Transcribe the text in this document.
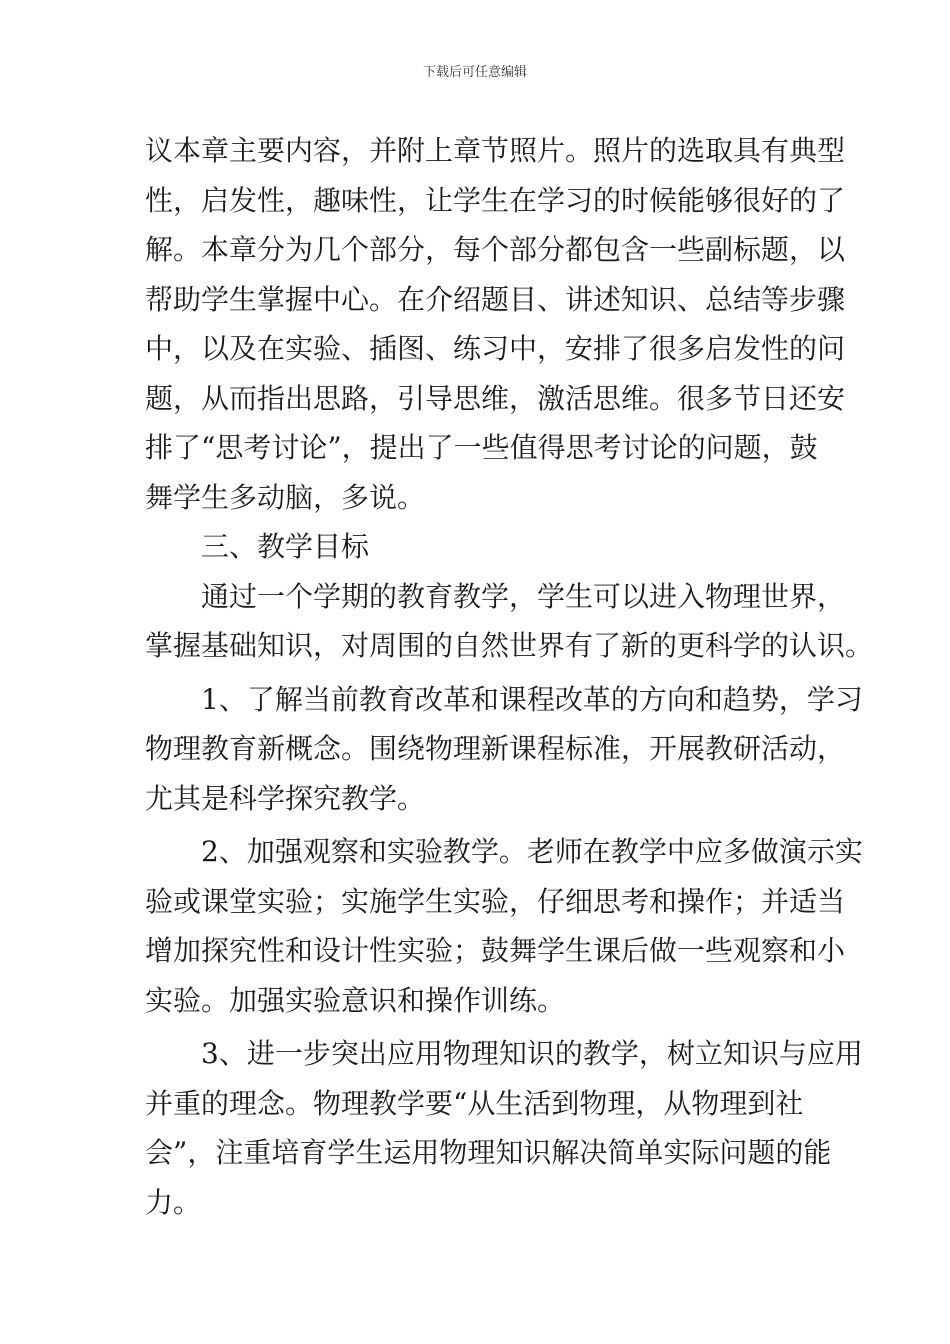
下载后可任意编辑

议本章主要内容，并附上章节照片。照片的选取具有典型
性，启发性，趣味性，让学生在学习的时候能够很好的了
解。本章分为几个部分，每个部分都包含一些副标题，以
帮助学生掌握中心。在介绍题目、讲述知识、总结等步骤
中，以及在实验、插图、练习中，安排了很多启发性的问
题，从而指出思路，引导思维，激活思维。很多节日还安
排了“思考讨论”，提出了一些值得思考讨论的问题，鼓
舞学生多动脑，多说。

三、教学目标

通过一个学期的教育教学，学生可以进入物理世界，
掌握基础知识，对周围的自然世界有了新的更科学的认识。

1、了解当前教育改革和课程改革的方向和趋势，学习
物理教育新概念。围绕物理新课程标准，开展教研活动，
尤其是科学探究教学。

2、加强观察和实验教学。老师在教学中应多做演示实
验或课堂实验；实施学生实验，仔细思考和操作；并适当
增加探究性和设计性实验；鼓舞学生课后做一些观察和小
实验。加强实验意识和操作训练。

3、进一步突出应用物理知识的教学，树立知识与应用
并重的理念。物理教学要“从生活到物理，从物理到社
会”，注重培育学生运用物理知识解决简单实际问题的能
力。
